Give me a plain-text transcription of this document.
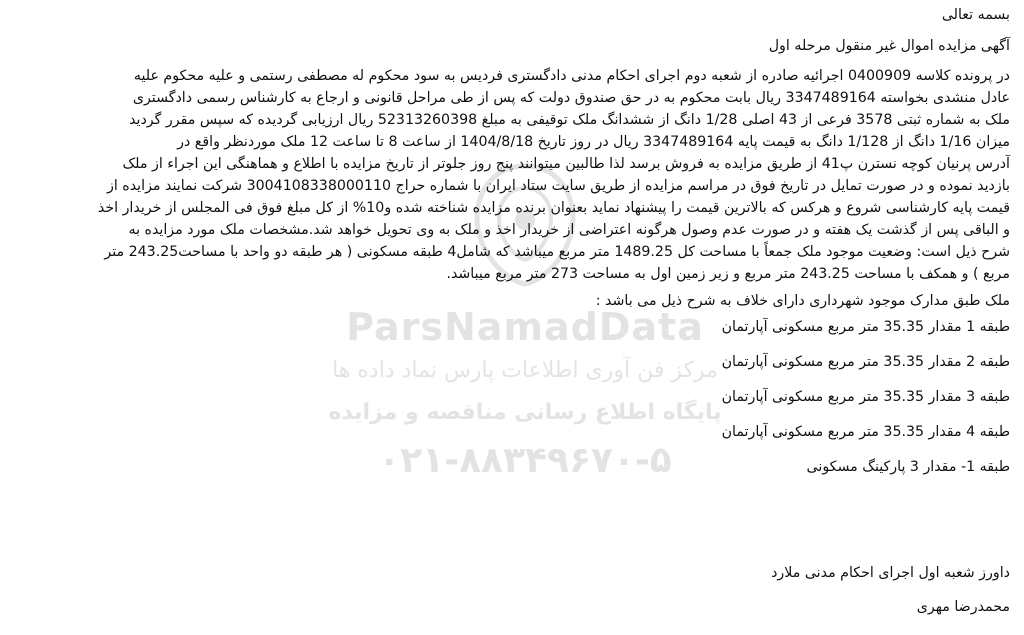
ParsNamadData
مرکز فن آوری اطلاعات پارس نماد داده ها
پایگاه اطلاع رسانی مناقصه و مزایده
۰۲۱-۸۸۳۴۹۶۷۰-۵

بسمه تعالی

آگهی مزایده اموال غیر منقول مرحله اول

در پرونده کلاسه 0400909 اجرائیه صادره از شعبه دوم اجرای احکام مدنی دادگستری فردیس به سود محکوم له مصطفی رستمی و علیه محکوم علیه

عادل منشدی بخواسته 3347489164 ریال بابت محکوم به در حق صندوق دولت که پس از طی مراحل قانونی و ارجاع به کارشناس رسمی دادگستری

ملک به شماره ثبتی 3578 فرعی از 43 اصلی 1/28 دانگ از ششدانگ ملک توقیفی به مبلغ 52313260398 ریال ارزیابی گردیده که سپس مقرر گردید

میزان 1/16 دانگ از 1/128 دانگ به قیمت پایه 3347489164 ریال در روز تاریخ 1404/8/18 از ساعت 8 تا ساعت 12 ملک موردنظر واقع در

آدرس پرنیان کوچه نسترن پ41 از طریق مزایده به فروش برسد لذا طالبین میتوانند پنج روز جلوتر از تاریخ مزایده با اطلاع و هماهنگی این اجراء از ملک

بازدید نموده و در صورت تمایل در تاریخ فوق در مراسم مزایده از طریق سایت ستاد ایران با شماره حراج 3004108338000110 شرکت نمایند مزایده از

قیمت پایه کارشناسی شروع و هرکس که بالاترین قیمت را پیشنهاد نماید بعنوان برنده مزایده شناخته شده و10% از کل مبلغ فوق فی المجلس از خریدار اخذ

و الباقی پس از گذشت یک هفته و در صورت عدم وصول هرگونه اعتراضی از خریدار اخذ و ملک به وی تحویل خواهد شد.مشخصات ملک مورد مزایده به

شرح ذیل است: وضعیت موجود ملک جمعاً با مساحت کل 1489.25 متر مربع میباشد که شامل4 طبقه مسکونی ( هر طبقه دو واحد با مساحت243.25 متر

مربع ) و همکف با مساحت 243.25 متر مربع و زیر زمین اول به مساحت 273 متر مربع میباشد.

ملک طبق مدارک موجود شهرداری دارای خلاف به شرح ذیل می باشد :

طبقه 1 مقدار 35.35 متر مربع مسکونی آپارتمان

طبقه 2 مقدار 35.35 متر مربع مسکونی آپارتمان

طبقه 3 مقدار 35.35 متر مربع مسکونی آپارتمان

طبقه 4 مقدار 35.35 متر مربع مسکونی آپارتمان

طبقه 1- مقدار 3 پارکینگ مسکونی

داورز شعبه اول اجرای احکام مدنی ملارد

محمدرضا مهری
